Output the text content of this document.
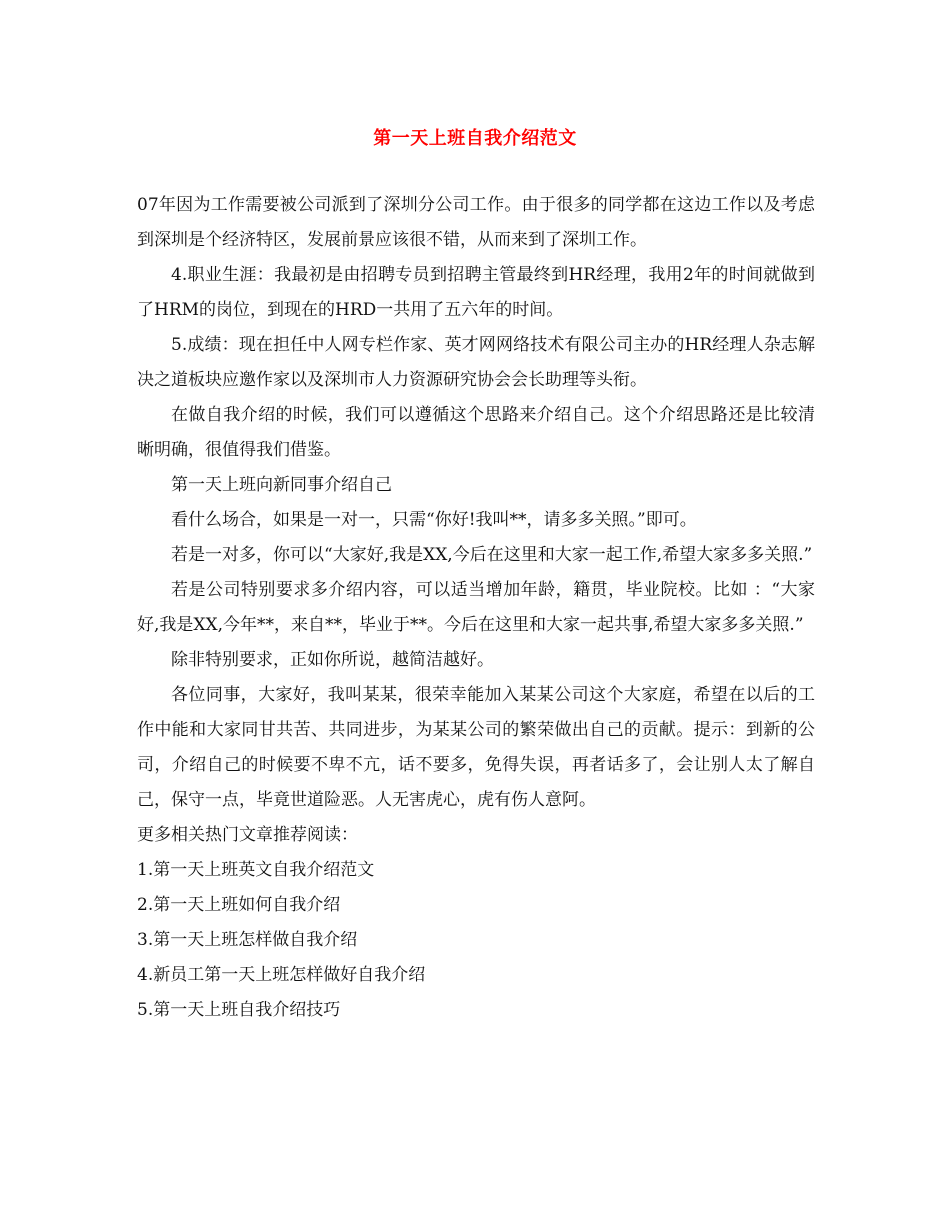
第一天上班自我介绍范文

07年因为工作需要被公司派到了深圳分公司工作。由于很多的同学都在这边工作以及考虑到深圳是个经济特区，发展前景应该很不错，从而来到了深圳工作。

4.职业生涯：我最初是由招聘专员到招聘主管最终到HR经理，我用2年的时间就做到了HRM的岗位，到现在的HRD一共用了五六年的时间。

5.成绩：现在担任中人网专栏作家、英才网网络技术有限公司主办的HR经理人杂志解决之道板块应邀作家以及深圳市人力资源研究协会会长助理等头衔。

在做自我介绍的时候，我们可以遵循这个思路来介绍自己。这个介绍思路还是比较清晰明确，很值得我们借鉴。

第一天上班向新同事介绍自己

看什么场合，如果是一对一，只需“你好!我叫**，请多多关照。”即可。

若是一对多，你可以“大家好,我是XX,今后在这里和大家一起工作,希望大家多多关照.”

若是公司特别要求多介绍内容，可以适当增加年龄，籍贯，毕业院校。比如 ：“大家好,我是XX,今年**，来自**，毕业于**。今后在这里和大家一起共事,希望大家多多关照.”

除非特别要求，正如你所说，越简洁越好。

各位同事，大家好，我叫某某，很荣幸能加入某某公司这个大家庭，希望在以后的工作中能和大家同甘共苦、共同进步，为某某公司的繁荣做出自己的贡献。提示：到新的公司，介绍自己的时候要不卑不亢，话不要多，免得失误，再者话多了，会让别人太了解自己，保守一点，毕竟世道险恶。人无害虎心，虎有伤人意阿。

更多相关热门文章推荐阅读：

1.第一天上班英文自我介绍范文

2.第一天上班如何自我介绍

3.第一天上班怎样做自我介绍

4.新员工第一天上班怎样做好自我介绍

5.第一天上班自我介绍技巧
